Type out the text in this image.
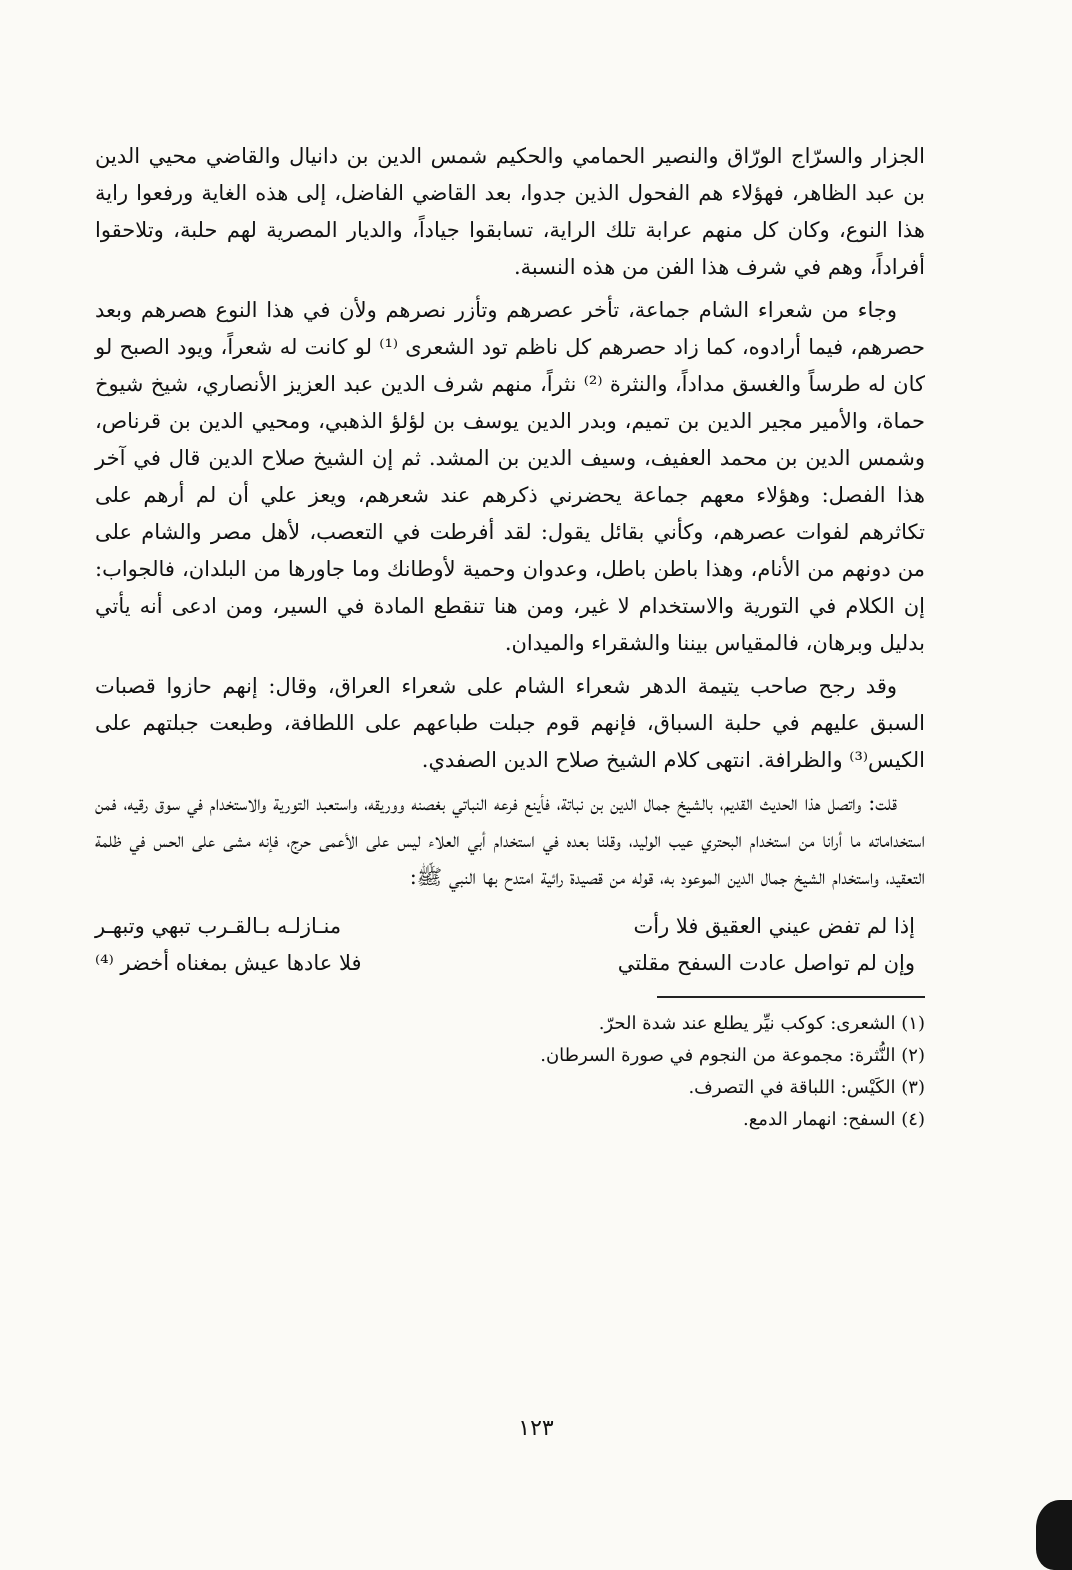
الجزار والسرّاج الورّاق والنصير الحمامي والحكيم شمس الدين بن دانيال والقاضي محيي الدين بن عبد الظاهر، فهؤلاء هم الفحول الذين جدوا، بعد القاضي الفاضل، إلى هذه الغاية ورفعوا راية هذا النوع، وكان كل منهم عرابة تلك الراية، تسابقوا جياداً، والديار المصرية لهم حلبة، وتلاحقوا أفراداً، وهم في شرف هذا الفن من هذه النسبة.

وجاء من شعراء الشام جماعة، تأخر عصرهم وتأزر نصرهم ولأن في هذا النوع هصرهم وبعد حصرهم، فيما أرادوه، كما زاد حصرهم كل ناظم تود الشعرى ⁽¹⁾ لو كانت له شعراً، ويود الصبح لو كان له طرساً والغسق مداداً، والنثرة ⁽²⁾ نثراً، منهم شرف الدين عبد العزيز الأنصاري، شيخ شيوخ حماة، والأمير مجير الدين بن تميم، وبدر الدين يوسف بن لؤلؤ الذهبي، ومحيي الدين بن قرناص، وشمس الدين بن محمد العفيف، وسيف الدين بن المشد. ثم إن الشيخ صلاح الدين قال في آخر هذا الفصل: وهؤلاء معهم جماعة يحضرني ذكرهم عند شعرهم، ويعز علي أن لم أرهم على تكاثرهم لفوات عصرهم، وكأني بقائل يقول: لقد أفرطت في التعصب، لأهل مصر والشام على من دونهم من الأنام، وهذا باطن باطل، وعدوان وحمية لأوطانك وما جاورها من البلدان، فالجواب: إن الكلام في التورية والاستخدام لا غير، ومن هنا تنقطع المادة في السير، ومن ادعى أنه يأتي بدليل وبرهان، فالمقياس بيننا والشقراء والميدان.

وقد رجح صاحب يتيمة الدهر شعراء الشام على شعراء العراق، وقال: إنهم حازوا قصبات السبق عليهم في حلبة السباق، فإنهم قوم جبلت طباعهم على اللطافة، وطبعت جبلتهم على الكيس⁽³⁾ والظرافة. انتهى كلام الشيخ صلاح الدين الصفدي.

قلت: واتصل هذا الحديث القديم، بالشيخ جمال الدين بن نباتة، فأينع فرعه النباتي بغصنه ووريقه، واستعبد التورية والاستخدام في سوق رقيه، فمن استخداماته ما أرانا من استخدام البحتري عيب الوليد، وقلنا بعده في استخدام أبي العلاء ليس على الأعمى حرج، فإنه مشى على الحس في ظلمة التعقيد، واستخدام الشيخ جمال الدين الموعود به، قوله من قصيدة رائية امتدح بها النبي ﷺ:

إذا لم تفض عيني العقيق فلا رأت
منـازلـه بـالقـرب تبهي وتبهـر
وإن لم تواصل عادت السفح مقلتي
فلا عادها عيش بمغناه أخضر ⁽⁴⁾
(١) الشعرى: كوكب نيِّر يطلع عند شدة الحرّ.
(٢) النُّثرة: مجموعة من النجوم في صورة السرطان.
(٣) الكَيْس: اللباقة في التصرف.
(٤) السفح: انهمار الدمع.
١٢٣
